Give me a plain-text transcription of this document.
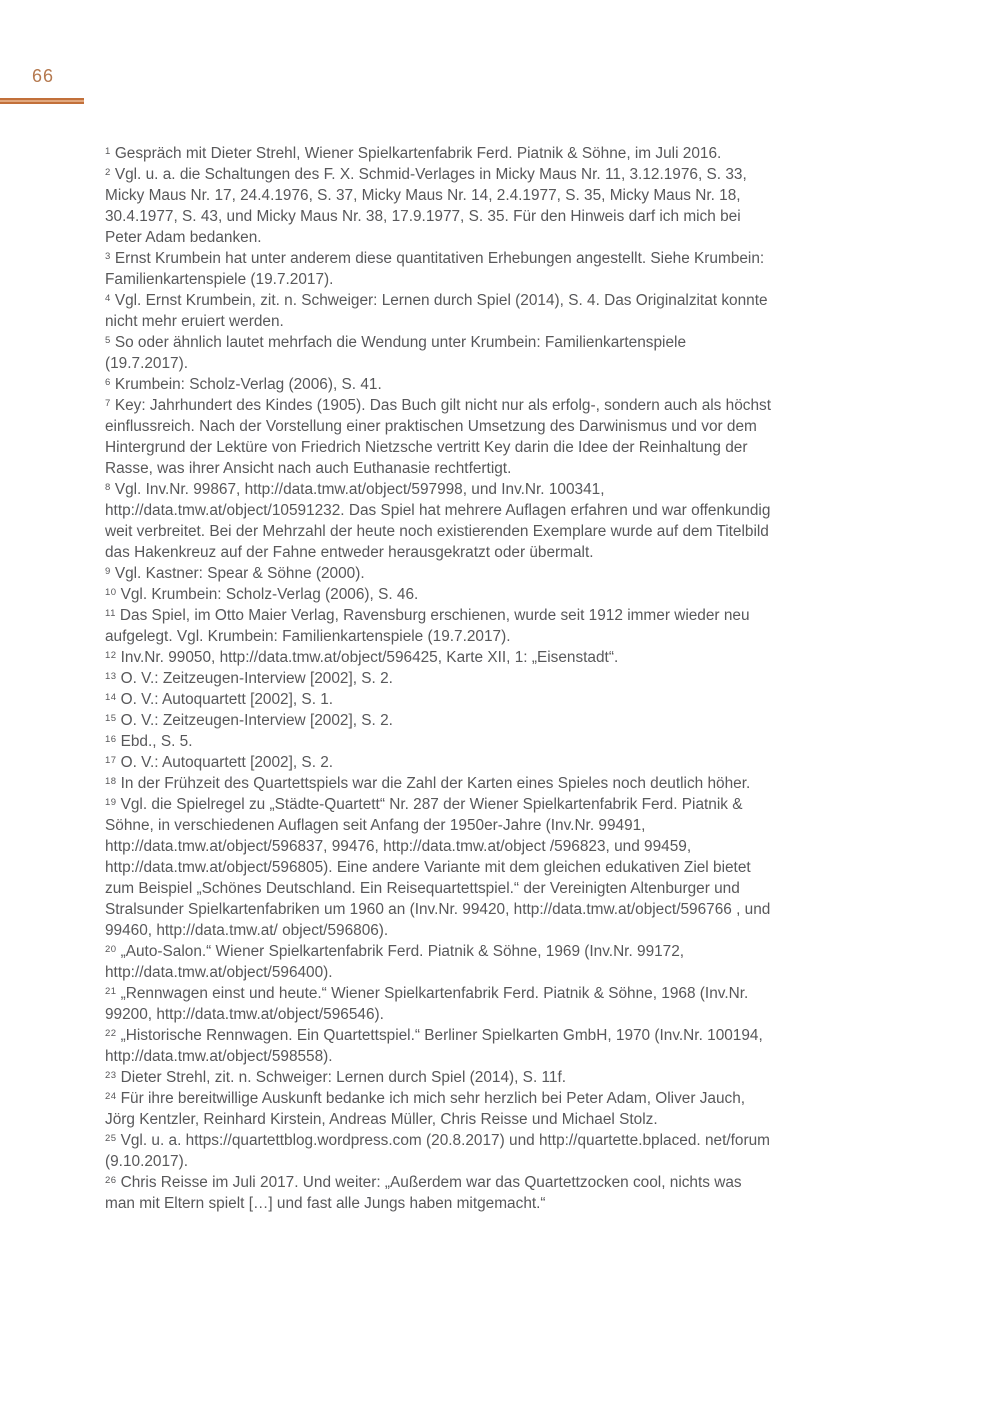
66
$^1$ Gespräch mit Dieter Strehl, Wiener Spielkartenfabrik Ferd. Piatnik & Söhne, im Juli 2016.
$^2$ Vgl. u. a. die Schaltungen des F. X. Schmid-Verlages in Micky Maus Nr. 11, 3.12.1976, S. 33, Micky Maus Nr. 17, 24.4.1976, S. 37, Micky Maus Nr. 14, 2.4.1977, S. 35, Micky Maus Nr. 18, 30.4.1977, S. 43, und Micky Maus Nr. 38, 17.9.1977, S. 35. Für den Hinweis darf ich mich bei Peter Adam bedanken.
$^3$ Ernst Krumbein hat unter anderem diese quantitativen Erhebungen angestellt. Siehe Krumbein: Familienkartenspiele (19.7.2017).
$^4$ Vgl. Ernst Krumbein, zit. n. Schweiger: Lernen durch Spiel (2014), S. 4. Das Originalzitat konnte nicht mehr eruiert werden.
$^5$ So oder ähnlich lautet mehrfach die Wendung unter Krumbein: Familienkartenspiele (19.7.2017).
$^6$ Krumbein: Scholz-Verlag (2006), S. 41.
$^7$ Key: Jahrhundert des Kindes (1905). Das Buch gilt nicht nur als erfolg-, sondern auch als höchst einflussreich. Nach der Vorstellung einer praktischen Umsetzung des Darwinismus und vor dem Hintergrund der Lektüre von Friedrich Nietzsche vertritt Key darin die Idee der Reinhaltung der Rasse, was ihrer Ansicht nach auch Euthanasie rechtfertigt.
$^8$ Vgl. Inv.Nr. 99867, http://data.tmw.at/object/597998, und Inv.Nr. 100341, http://data.tmw.at/object/10591232. Das Spiel hat mehrere Auflagen erfahren und war offenkundig weit verbreitet. Bei der Mehrzahl der heute noch existierenden Exemplare wurde auf dem Titelbild das Hakenkreuz auf der Fahne entweder herausgekratzt oder übermalt.
$^9$ Vgl. Kastner: Spear & Söhne (2000).
$^{10}$ Vgl. Krumbein: Scholz-Verlag (2006), S. 46.
$^{11}$ Das Spiel, im Otto Maier Verlag, Ravensburg erschienen, wurde seit 1912 immer wieder neu aufgelegt. Vgl. Krumbein: Familienkartenspiele (19.7.2017).
$^{12}$ Inv.Nr. 99050, http://data.tmw.at/object/596425, Karte XII, 1: „Eisenstadt“.
$^{13}$ O. V.: Zeitzeugen-Interview [2002], S. 2.
$^{14}$ O. V.: Autoquartett [2002], S. 1.
$^{15}$ O. V.: Zeitzeugen-Interview [2002], S. 2.
$^{16}$ Ebd., S. 5.
$^{17}$ O. V.: Autoquartett [2002], S. 2.
$^{18}$ In der Frühzeit des Quartettspiels war die Zahl der Karten eines Spieles noch deutlich höher.
$^{19}$ Vgl. die Spielregel zu „Städte-Quartett“ Nr. 287 der Wiener Spielkartenfabrik Ferd. Piatnik & Söhne, in verschiedenen Auflagen seit Anfang der 1950er-Jahre (Inv.Nr. 99491, http://data.tmw.at/object/596837, 99476, http://data.tmw.at/object /596823, und 99459, http://data.tmw.at/object/596805). Eine andere Variante mit dem gleichen edukativen Ziel bietet zum Beispiel „Schönes Deutschland. Ein Reisequartettspiel.“ der Vereinigten Altenburger und Stralsunder Spielkartenfabriken um 1960 an (Inv.Nr. 99420, http://data.tmw.at/object/596766 , und 99460, http://data.tmw.at/ object/596806).
$^{20}$ „Auto-Salon.“ Wiener Spielkartenfabrik Ferd. Piatnik & Söhne, 1969 (Inv.Nr. 99172, http://data.tmw.at/object/596400).
$^{21}$ „Rennwagen einst und heute.“ Wiener Spielkartenfabrik Ferd. Piatnik & Söhne, 1968 (Inv.Nr. 99200, http://data.tmw.at/object/596546).
$^{22}$ „Historische Rennwagen. Ein Quartettspiel.“ Berliner Spielkarten GmbH, 1970 (Inv.Nr. 100194, http://data.tmw.at/object/598558).
$^{23}$ Dieter Strehl, zit. n. Schweiger: Lernen durch Spiel (2014), S. 11f.
$^{24}$ Für ihre bereitwillige Auskunft bedanke ich mich sehr herzlich bei Peter Adam, Oliver Jauch, Jörg Kentzler, Reinhard Kirstein, Andreas Müller, Chris Reisse und Michael Stolz.
$^{25}$ Vgl. u. a. https://quartettblog.wordpress.com (20.8.2017) und http://quartette.bplaced. net/forum (9.10.2017).
$^{26}$ Chris Reisse im Juli 2017. Und weiter: „Außerdem war das Quartettzocken cool, nichts was man mit Eltern spielt […] und fast alle Jungs haben mitgemacht.“
